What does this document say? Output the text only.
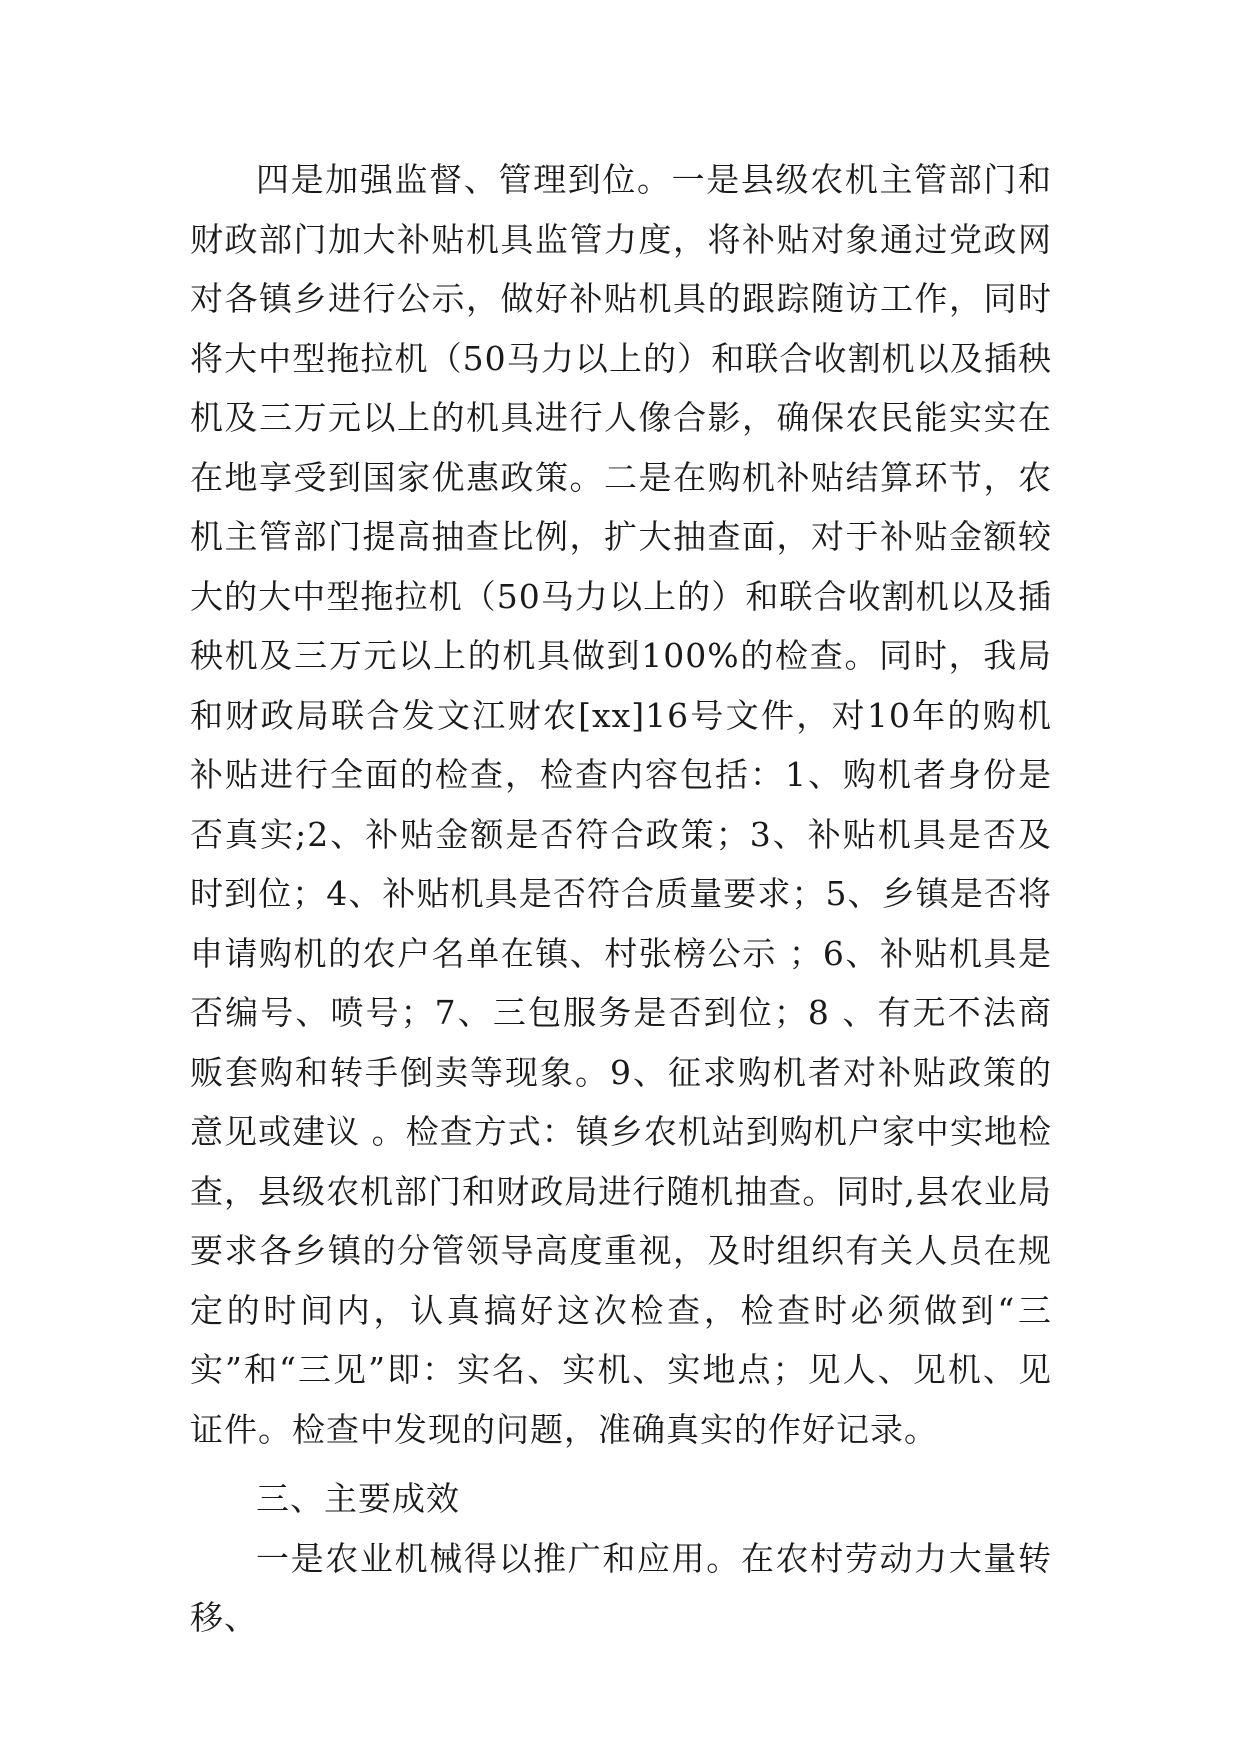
四是加强监督、管理到位。一是县级农机主管部门和财政部门加大补贴机具监管力度，将补贴对象通过党政网对各镇乡进行公示，做好补贴机具的跟踪随访工作，同时将大中型拖拉机（50马力以上的）和联合收割机以及插秧机及三万元以上的机具进行人像合影，确保农民能实实在在地享受到国家优惠政策。二是在购机补贴结算环节，农机主管部门提高抽查比例，扩大抽查面，对于补贴金额较大的大中型拖拉机（50马力以上的）和联合收割机以及插秧机及三万元以上的机具做到100%的检查。同时，我局和财政局联合发文江财农[xx]16号文件，对10年的购机补贴进行全面的检查，检查内容包括：1、购机者身份是否真实;2、补贴金额是否符合政策；3、补贴机具是否及时到位；4、补贴机具是否符合质量要求；5、乡镇是否将申请购机的农户名单在镇、村张榜公示 ；6、补贴机具是否编号、喷号；7、三包服务是否到位；8 、有无不法商贩套购和转手倒卖等现象。9、征求购机者对补贴政策的意见或建议 。检查方式：镇乡农机站到购机户家中实地检查，县级农机部门和财政局进行随机抽查。同时,县农业局要求各乡镇的分管领导高度重视，及时组织有关人员在规定的时间内，认真搞好这次检查，检查时必须做到“三实”和“三见”即：实名、实机、实地点；见人、见机、见证件。检查中发现的问题，准确真实的作好记录。

三、主要成效

一是农业机械得以推广和应用。在农村劳动力大量转移、
